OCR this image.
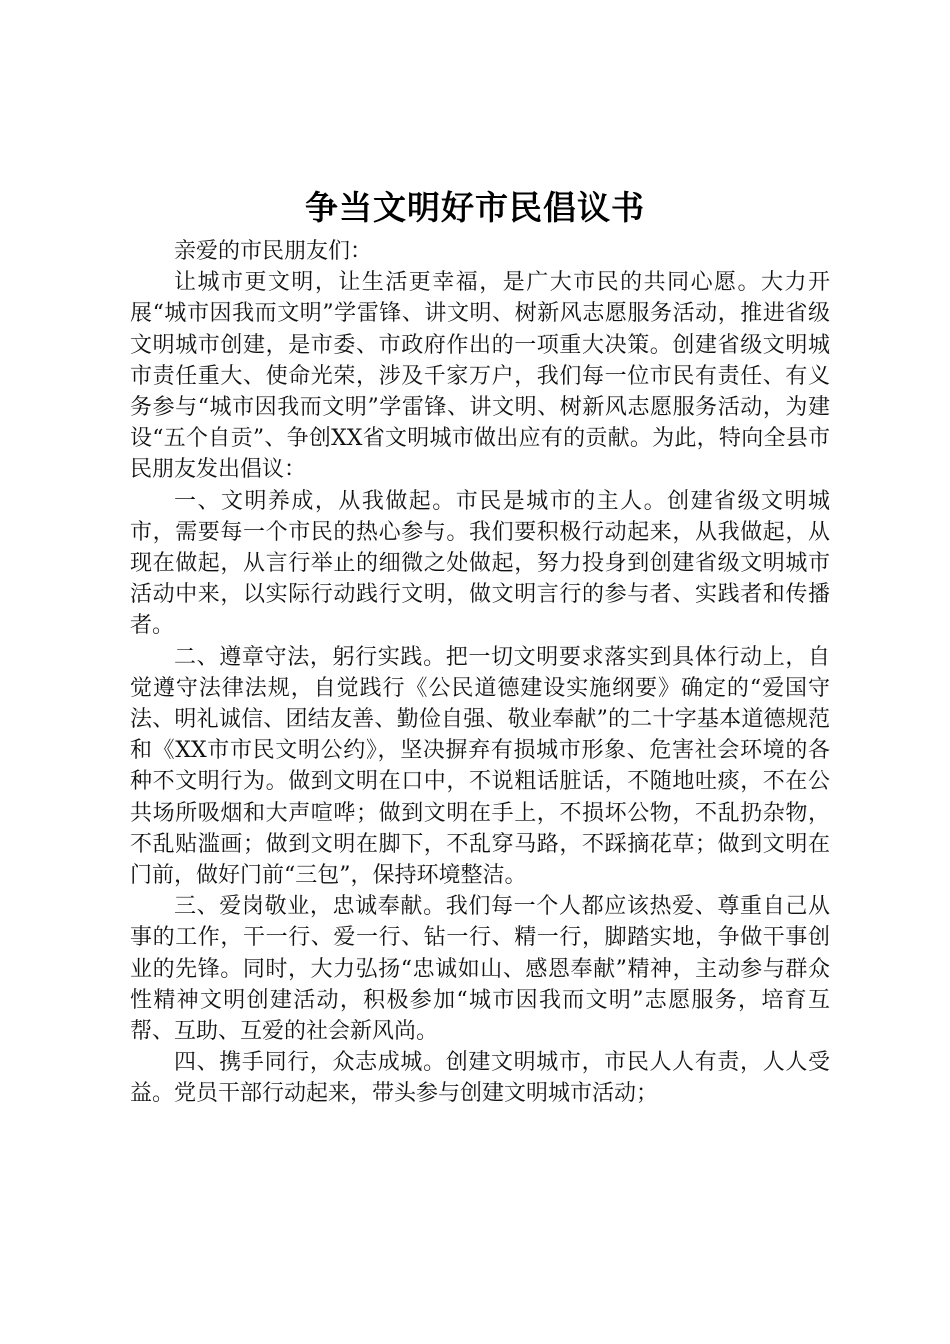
争当文明好市民倡议书

亲爱的市民朋友们：

让城市更文明，让生活更幸福，是广大市民的共同心愿。大力开展“城市因我而文明”学雷锋、讲文明、树新风志愿服务活动，推进省级文明城市创建，是市委、市政府作出的一项重大决策。创建省级文明城市责任重大、使命光荣，涉及千家万户，我们每一位市民有责任、有义务参与“城市因我而文明”学雷锋、讲文明、树新风志愿服务活动，为建设“五个自贡”、争创XX省文明城市做出应有的贡献。为此，特向全县市民朋友发出倡议：

一、文明养成，从我做起。市民是城市的主人。创建省级文明城市，需要每一个市民的热心参与。我们要积极行动起来，从我做起，从现在做起，从言行举止的细微之处做起，努力投身到创建省级文明城市活动中来，以实际行动践行文明，做文明言行的参与者、实践者和传播者。

二、遵章守法，躬行实践。把一切文明要求落实到具体行动上，自觉遵守法律法规，自觉践行《公民道德建设实施纲要》确定的“爱国守法、明礼诚信、团结友善、勤俭自强、敬业奉献”的二十字基本道德规范和《XX市市民文明公约》，坚决摒弃有损城市形象、危害社会环境的各种不文明行为。做到文明在口中，不说粗话脏话，不随地吐痰，不在公共场所吸烟和大声喧哗；做到文明在手上，不损坏公物，不乱扔杂物，不乱贴滥画；做到文明在脚下，不乱穿马路，不踩摘花草；做到文明在门前，做好门前“三包”，保持环境整洁。

三、爱岗敬业，忠诚奉献。我们每一个人都应该热爱、尊重自己从事的工作，干一行、爱一行、钻一行、精一行，脚踏实地，争做干事创业的先锋。同时，大力弘扬“忠诚如山、感恩奉献”精神，主动参与群众性精神文明创建活动，积极参加“城市因我而文明”志愿服务，培育互帮、互助、互爱的社会新风尚。

四、携手同行，众志成城。创建文明城市，市民人人有责，人人受益。党员干部行动起来，带头参与创建文明城市活动；
